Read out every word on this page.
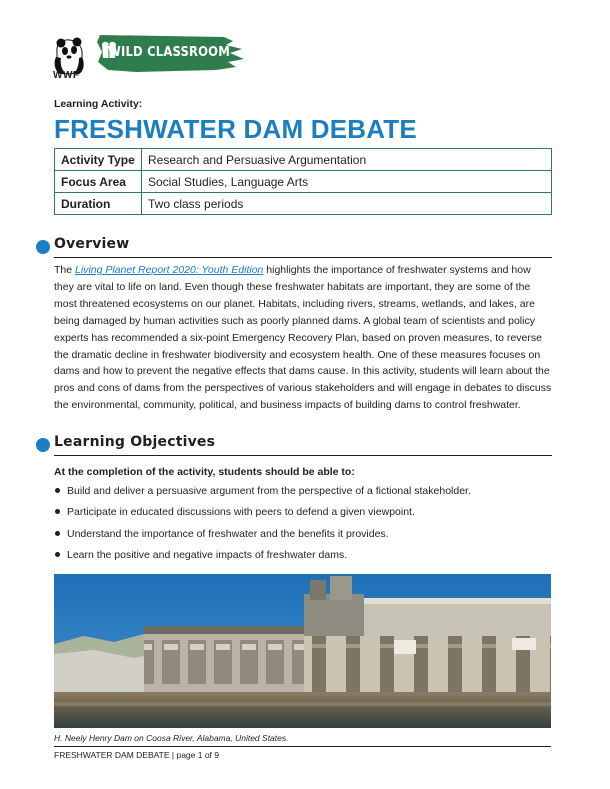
WWF
WILD CLASSROOM
Learning Activity:
FRESHWATER DAM DEBATE
Activity Type	Research and Persuasive Argumentation
Focus Area	Social Studies, Language Arts
Duration	Two class periods
Overview

The Living Planet Report 2020: Youth Edition highlights the importance of freshwater systems and how they are vital to life on land. Even though these freshwater habitats are important, they are some of the most threatened ecosystems on our planet. Habitats, including rivers, streams, wetlands, and lakes, are being damaged by human activities such as poorly planned dams. A global team of scientists and policy experts has recommended a six-point Emergency Recovery Plan, based on proven measures, to reverse the dramatic decline in freshwater biodiversity and ecosystem health. One of these measures focuses on dams and how to prevent the negative effects that dams cause. In this activity, students will learn about the pros and cons of dams from the perspectives of various stakeholders and will engage in debates to discuss the environmental, community, political, and business impacts of building dams to control freshwater.

Learning Objectives
At the completion of the activity, students should be able to:
Build and deliver a persuasive argument from the perspective of a fictional stakeholder.
Participate in educated discussions with peers to defend a given viewpoint.
Understand the importance of freshwater and the benefits it provides.
Learn the positive and negative impacts of freshwater dams.
H. Neely Henry Dam on Coosa River, Alabama, United States.
FRESHWATER DAM DEBATE | page 1 of 9
